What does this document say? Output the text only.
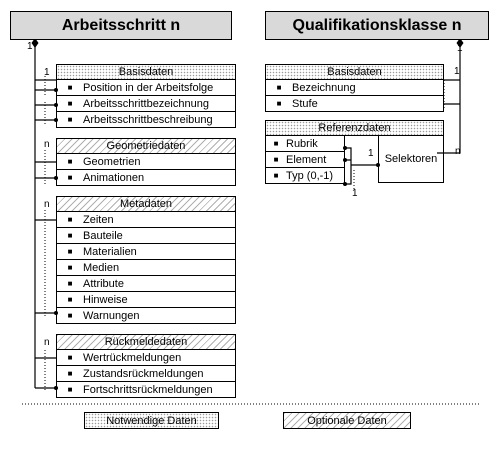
Arbeitsschritt n
1
1	Basisdaten
■ Position in der Arbeitsfolge
■ Arbeitsschrittbezeichnung
■ Arbeitsschrittbeschreibung
n	Geometriedaten
■ Geometrien
■ Animationen
n	Metadaten
■ Zeiten
■ Bauteile
■ Materialien
■ Medien
■ Attribute
■ Hinweise
■ Warnungen
n	Rückmeldedaten
■ Wertrückmeldungen
■ Zustandsrückmeldungen
■ Fortschrittsrückmeldungen
Qualifikationsklasse n
1
1
Basisdaten
■ Bezeichnung
■ Stufe
Referenzdaten
■ Rubrik
■ Element
■ Typ (0,-1)
Selektoren
1
1
n
Notwendige Daten	Optionale Daten
